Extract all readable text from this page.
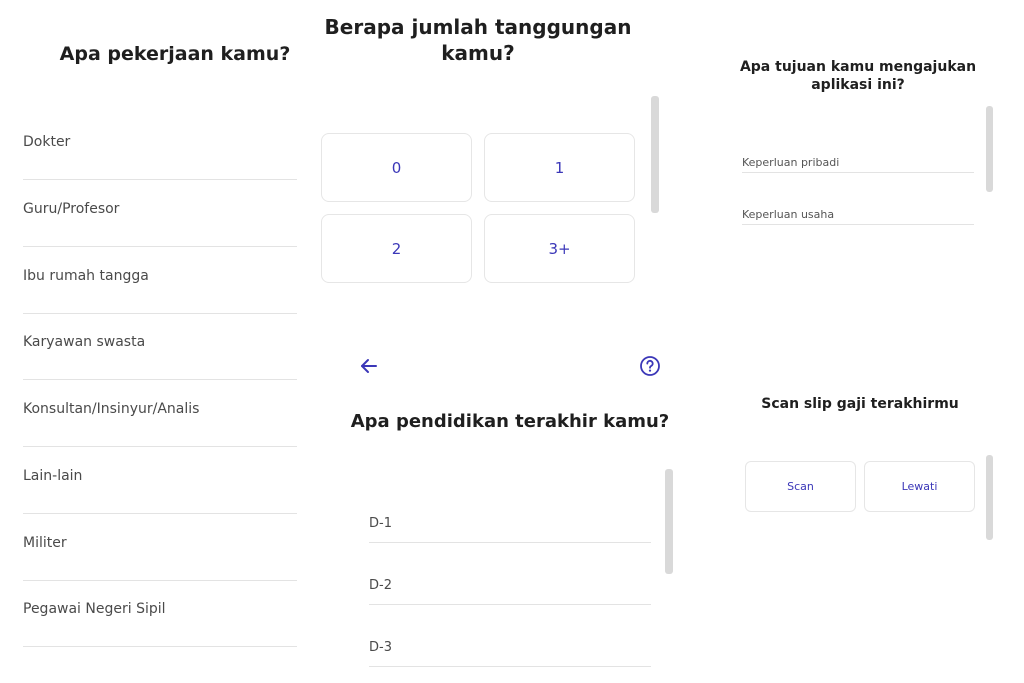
Apa pekerjaan kamu?
Dokter
Guru/Profesor
Ibu rumah tangga
Karyawan swasta
Konsultan/Insinyur/Analis
Lain-lain
Militer
Pegawai Negeri Sipil
Berapa jumlah tanggungan kamu?
0	1
2	3+
Apa pendidikan terakhir kamu?
D-1
D-2
D-3
Apa tujuan kamu mengajukan aplikasi ini?
Keperluan pribadi
Keperluan usaha
Scan slip gaji terakhirmu
Scan	Lewati
